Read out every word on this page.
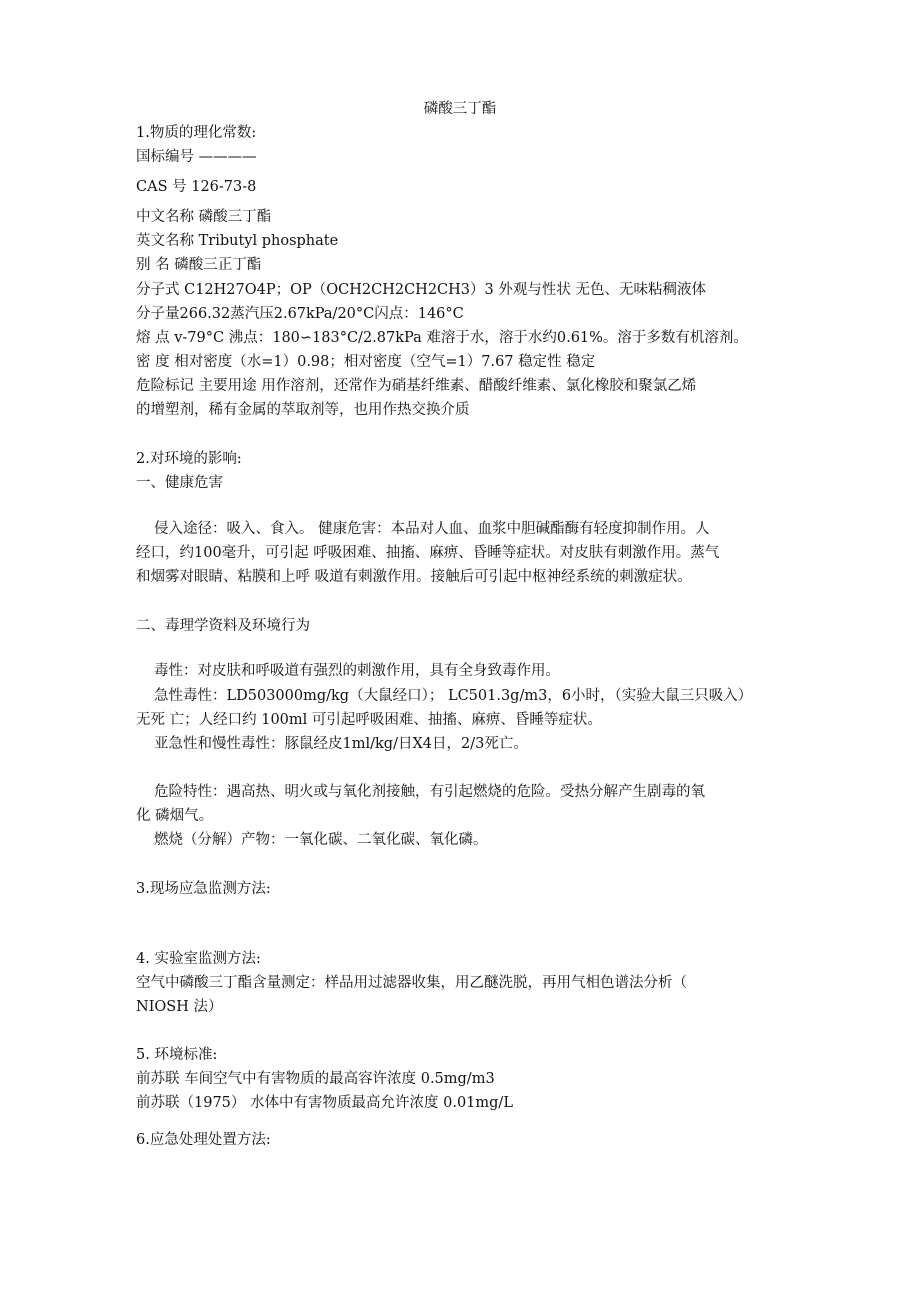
磷酸三丁酯
1.物质的理化常数:
国标编号 ————
CAS 号 126-73-8
中文名称 磷酸三丁酯
英文名称 Tributyl phosphate
别 名 磷酸三正丁酯
分子式 C12H27O4P；OP（OCH2CH2CH2CH3）3 外观与性状 无色、无味粘稠液体
分子量266.32蒸汽压2.67kPa/20°C闪点：146°C
熔 点 v-79°C 沸点：180∽183°C/2.87kPa 难溶于水，溶于水约0.61%。溶于多数有机溶剂。
密 度 相对密度（水=1）0.98；相对密度（空气=1）7.67 稳定性 稳定
危险标记 主要用途 用作溶剂，还常作为硝基纤维素、醋酸纤维素、氯化橡胶和聚氯乙烯
的增塑剂，稀有金属的萃取剂等，也用作热交换介质
2.对环境的影响:
一、健康危害
侵入途径：吸入、食入。 健康危害：本品对人血、血浆中胆碱酯酶有轻度抑制作用。人
经口，约100毫升，可引起 呼吸困难、抽搐、麻痹、昏睡等症状。对皮肤有刺激作用。蒸气
和烟雾对眼睛、粘膜和上呼 吸道有刺激作用。接触后可引起中枢神经系统的刺激症状。
二、毒理学资料及环境行为
毒性：对皮肤和呼吸道有强烈的刺激作用，具有全身致毒作用。
急性毒性：LD503000mg/kg（大鼠经口）； LC501.3g/m3，6小时，（实验大鼠三只吸入）
无死 亡；人经口约 100ml 可引起呼吸困难、抽搐、麻痹、昏睡等症状。
亚急性和慢性毒性：豚鼠经皮1ml/kg/日X4日，2/3死亡。
危险特性：遇高热、明火或与氧化剂接触，有引起燃烧的危险。受热分解产生剧毒的氧
化 磷烟气。
燃烧（分解）产物：一氧化碳、二氧化碳、氧化磷。
3.现场应急监测方法:
4. 实验室监测方法:
空气中磷酸三丁酯含量测定：样品用过滤器收集，用乙醚洗脱，再用气相色谱法分析（
NIOSH 法）
5. 环境标准:
前苏联 车间空气中有害物质的最高容许浓度 0.5mg/m3
前苏联（1975） 水体中有害物质最高允许浓度 0.01mg/L
6.应急处理处置方法:
